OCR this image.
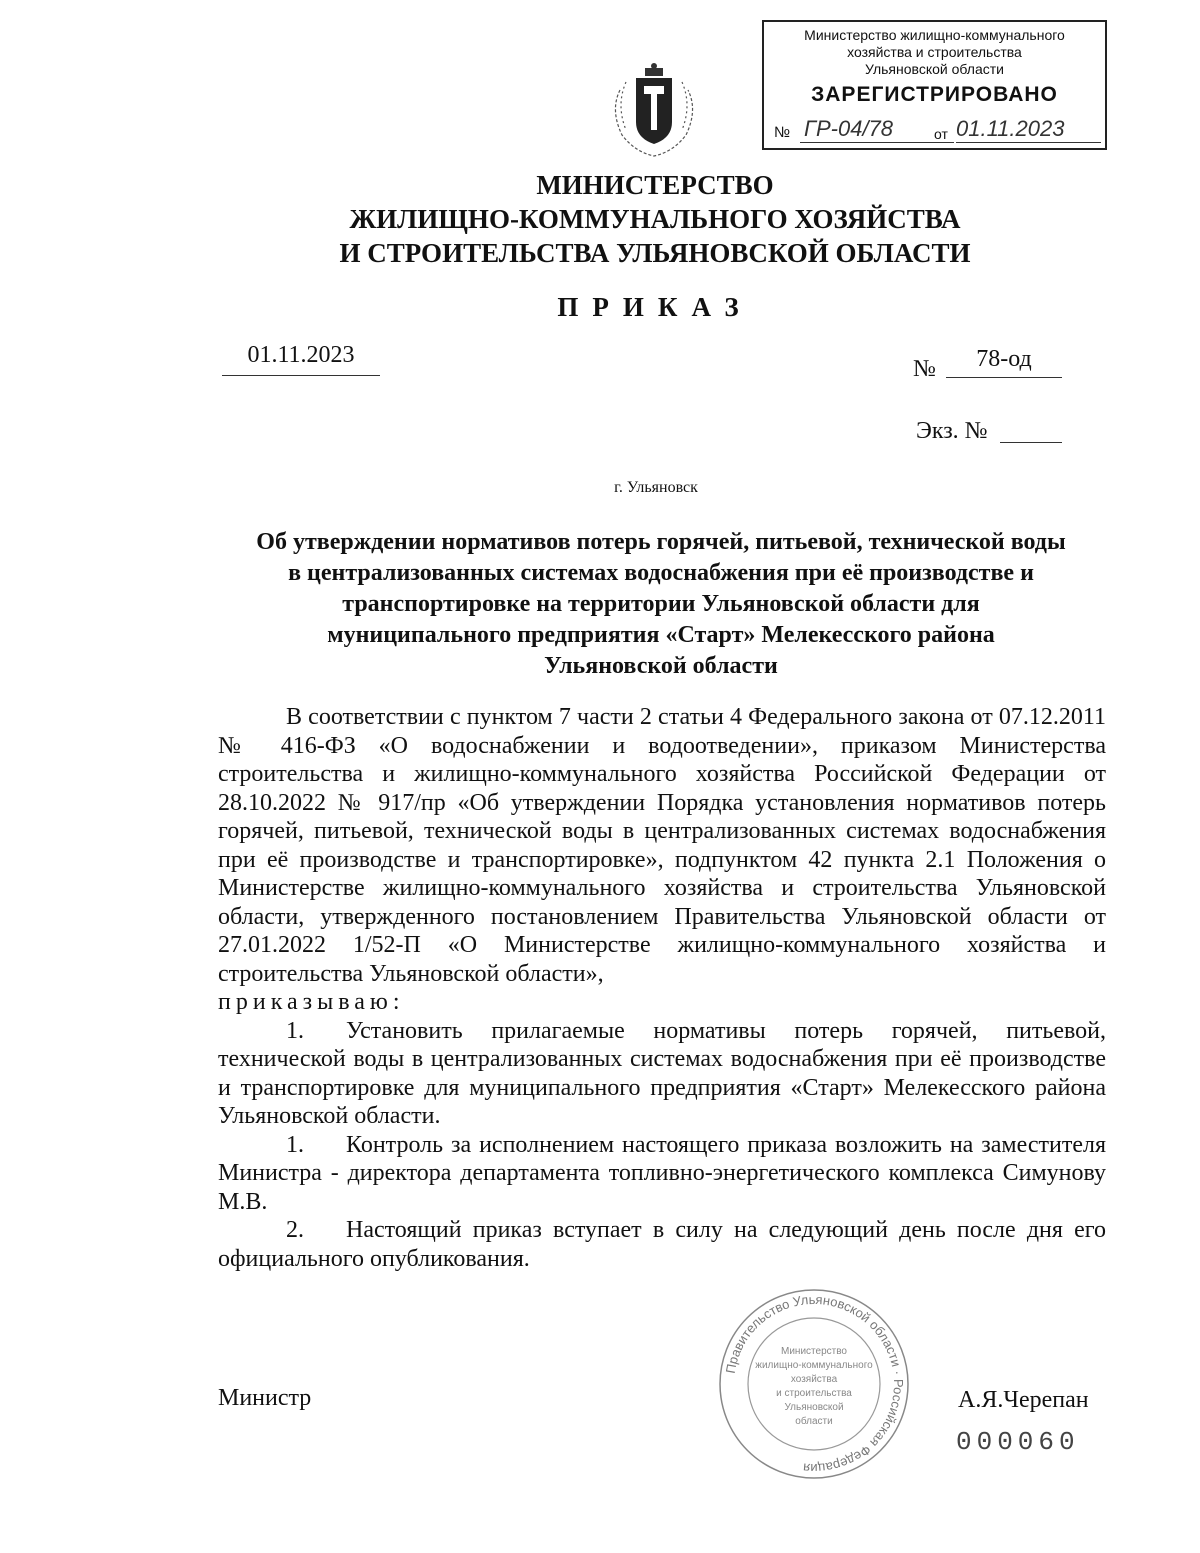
Министерство жилищно-коммунального
хозяйства и строительства
Ульяновской области
ЗАРЕГИСТРИРОВАНО
№ ГР-04/78	от 01.11.2023
МИНИСТЕРСТВО
ЖИЛИЩНО-КОММУНАЛЬНОГО ХОЗЯЙСТВА
И СТРОИТЕЛЬСТВА УЛЬЯНОВСКОЙ ОБЛАСТИ
ПРИКАЗ
01.11.2023
№	78-од
Экз. №
г. Ульяновск
Об утверждении нормативов потерь горячей, питьевой, технической воды
в централизованных системах водоснабжения при её производстве и
транспортировке на территории Ульяновской области для
муниципального предприятия «Старт» Мелекесского района
Ульяновской области

В соответствии с пунктом 7 части 2 статьи 4 Федерального закона от 07.12.2011 № 416-ФЗ «О водоснабжении и водоотведении», приказом Министерства строительства и жилищно-коммунального хозяйства Российской Федерации от 28.10.2022 № 917/пр «Об утверждении Порядка установления нормативов потерь горячей, питьевой, технической воды в централизованных системах водоснабжения при её производстве и транспортировке», подпунктом 42 пункта 2.1 Положения о Министерстве жилищно-коммунального хозяйства и строительства Ульяновской области, утвержденного постановлением Правительства Ульяновской области от 27.01.2022 1/52-П «О Министерстве жилищно-коммунального хозяйства и строительства Ульяновской области»,

приказываю:
1. Установить прилагаемые нормативы потерь горячей, питьевой, технической воды в централизованных системах водоснабжения при её производстве и транспортировке для муниципального предприятия «Старт» Мелекесского района Ульяновской области.
1. Контроль за исполнением настоящего приказа возложить на заместителя Министра - директора департамента топливно-энергетического комплекса Симунову М.В.
2. Настоящий приказ вступает в силу на следующий день после дня его официального опубликования.
Правительство Ульяновской области · Российская Федерация
Министерство
жилищно-коммунального
хозяйства
и строительства
Ульяновской
области
Министр	А.Я.Черепан
000060
